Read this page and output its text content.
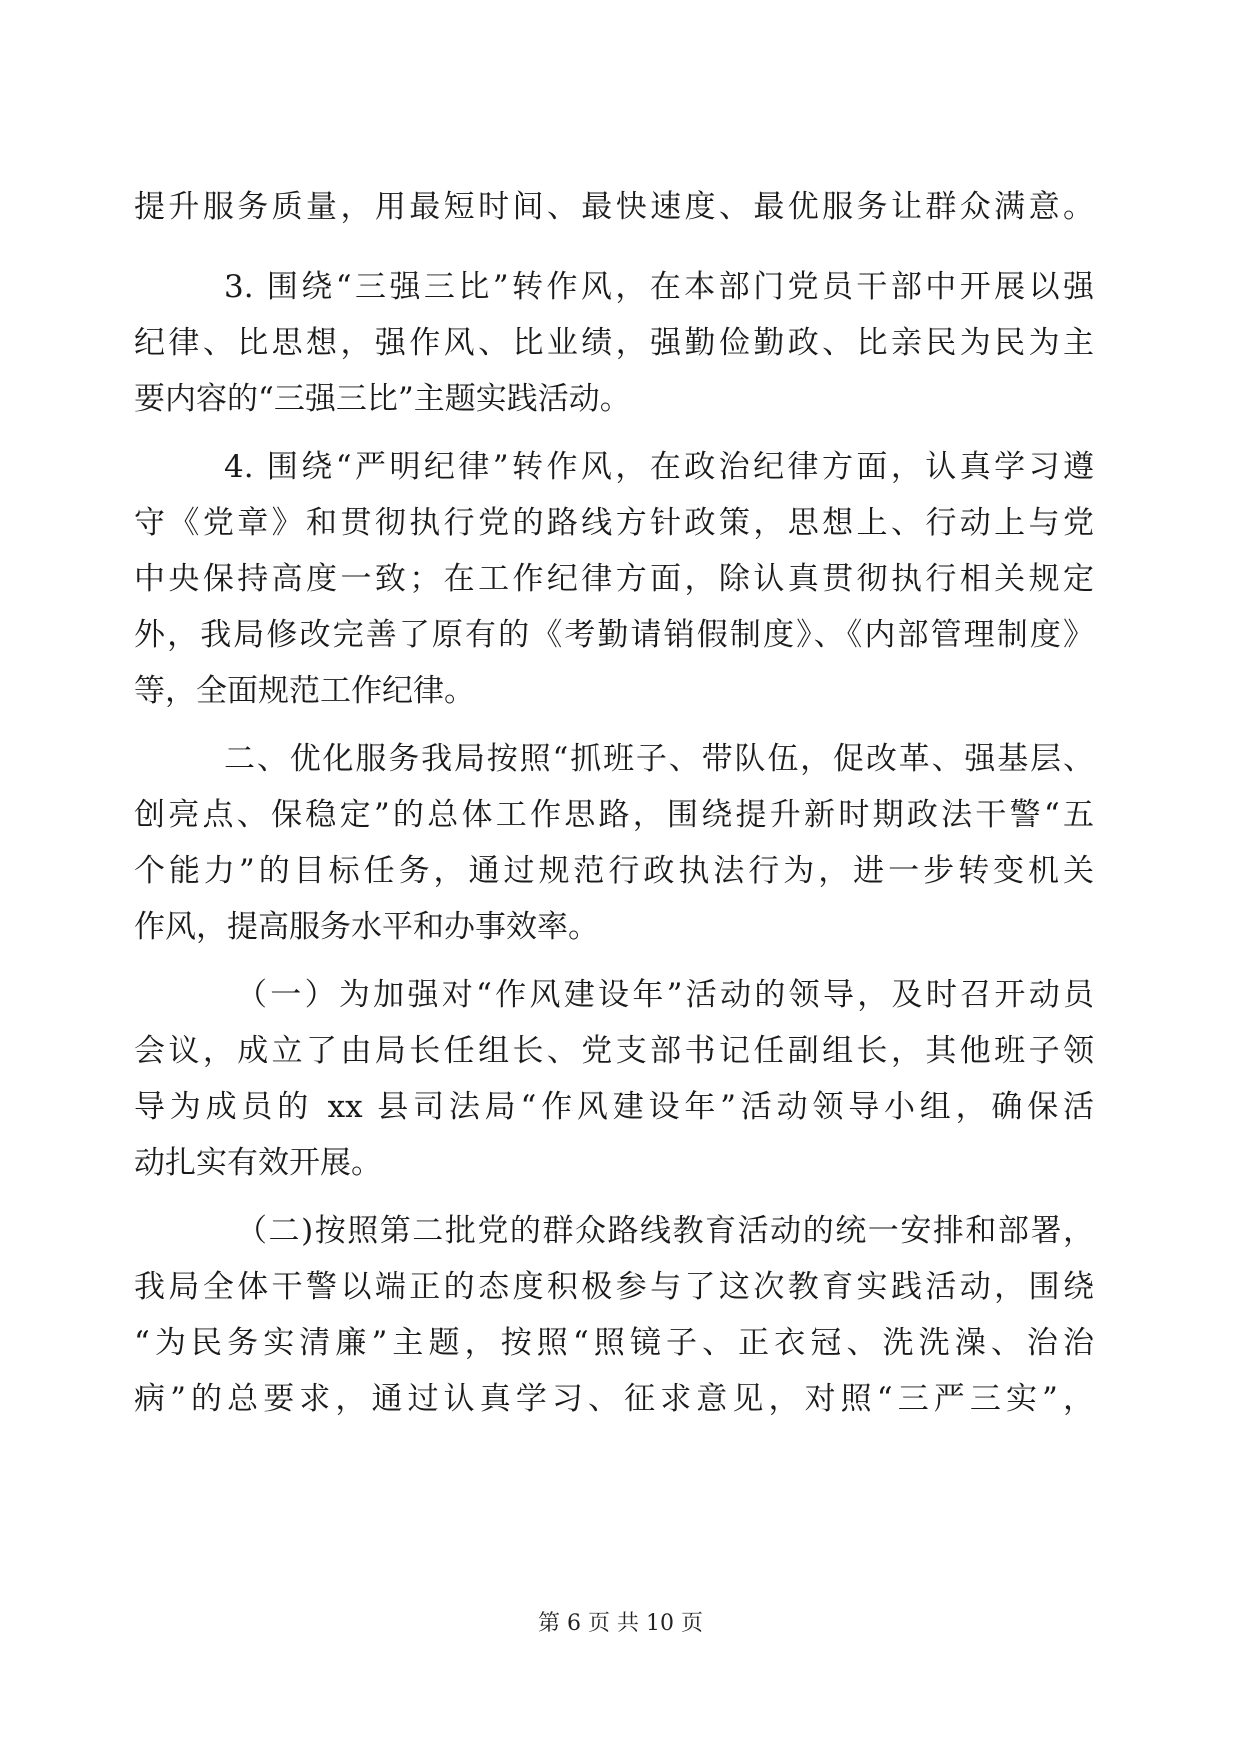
提升服务质量，用最短时间、最快速度、最优服务让群众满意。
3. 围绕“三强三比”转作风，在本部门党员干部中开展以强
纪律、比思想，强作风、比业绩，强勤俭勤政、比亲民为民为主
要内容的“三强三比”主题实践活动。
4. 围绕“严明纪律”转作风，在政治纪律方面，认真学习遵
守《党章》和贯彻执行党的路线方针政策，思想上、行动上与党
中央保持高度一致；在工作纪律方面，除认真贯彻执行相关规定
外，我局修改完善了原有的《考勤请销假制度》、《内部管理制度》
等，全面规范工作纪律。
二、优化服务我局按照“抓班子、带队伍，促改革、强基层、
创亮点、保稳定”的总体工作思路，围绕提升新时期政法干警“五
个能力”的目标任务，通过规范行政执法行为，进一步转变机关
作风，提高服务水平和办事效率。
（一）为加强对“作风建设年”活动的领导，及时召开动员
会议，成立了由局长任组长、党支部书记任副组长，其他班子领
导为成员的 xx 县司法局“作风建设年”活动领导小组，确保活
动扎实有效开展。
（二)按照第二批党的群众路线教育活动的统一安排和部署，
我局全体干警以端正的态度积极参与了这次教育实践活动，围绕
“为民务实清廉”主题，按照“照镜子、正衣冠、洗洗澡、治治
病”的总要求，通过认真学习、征求意见，对照“三严三实”，
第 6 页 共 10 页
